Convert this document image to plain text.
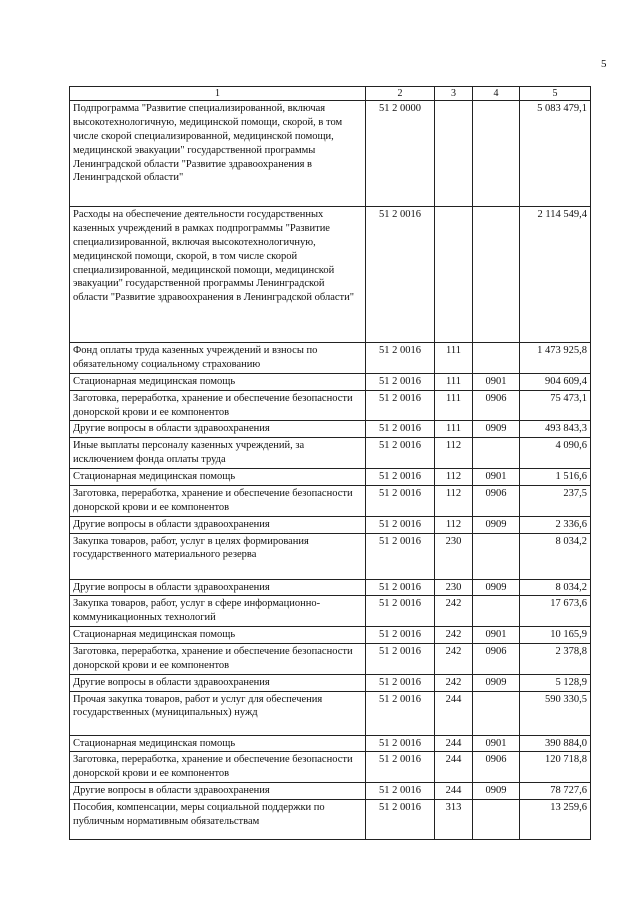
5
1	2	3	4	5
Подпрограмма "Развитие специализированной, включая высокотехнологичную, медицинской помощи, скорой, в том числе скорой специализированной, медицинской помощи, медицинской эвакуации" государственной программы Ленинградской области "Развитие здравоохранения в Ленинградской области"	51 2 0000			5 083 479,1
Расходы на обеспечение деятельности государственных казенных учреждений в рамках подпрограммы "Развитие специализированной, включая высокотехнологичную, медицинской помощи, скорой, в том числе скорой специализированной, медицинской помощи, медицинской эвакуации" государственной программы Ленинградской области "Развитие здравоохранения в Ленинградской области"	51 2 0016			2 114 549,4
Фонд оплаты труда казенных учреждений и взносы по обязательному социальному страхованию	51 2 0016	111		1 473 925,8
Стационарная медицинская помощь	51 2 0016	111	0901	904 609,4
Заготовка, переработка, хранение и обеспечение безопасности донорской крови и ее компонентов	51 2 0016	111	0906	75 473,1
Другие вопросы в области здравоохранения	51 2 0016	111	0909	493 843,3
Иные выплаты персоналу казенных учреждений, за исключением фонда оплаты труда	51 2 0016	112		4 090,6
Стационарная медицинская помощь	51 2 0016	112	0901	1 516,6
Заготовка, переработка, хранение и обеспечение безопасности донорской крови и ее компонентов	51 2 0016	112	0906	237,5
Другие вопросы в области здравоохранения	51 2 0016	112	0909	2 336,6
Закупка товаров, работ, услуг в целях формирования государственного материального резерва	51 2 0016	230		8 034,2
Другие вопросы в области здравоохранения	51 2 0016	230	0909	8 034,2
Закупка товаров, работ, услуг в сфере информационно-коммуникационных технологий	51 2 0016	242		17 673,6
Стационарная медицинская помощь	51 2 0016	242	0901	10 165,9
Заготовка, переработка, хранение и обеспечение безопасности донорской крови и ее компонентов	51 2 0016	242	0906	2 378,8
Другие вопросы в области здравоохранения	51 2 0016	242	0909	5 128,9
Прочая закупка товаров, работ и услуг для обеспечения государственных (муниципальных) нужд	51 2 0016	244		590 330,5
Стационарная медицинская помощь	51 2 0016	244	0901	390 884,0
Заготовка, переработка, хранение и обеспечение безопасности донорской крови и ее компонентов	51 2 0016	244	0906	120 718,8
Другие вопросы в области здравоохранения	51 2 0016	244	0909	78 727,6
Пособия, компенсации, меры социальной поддержки по публичным нормативным обязательствам	51 2 0016	313		13 259,6
